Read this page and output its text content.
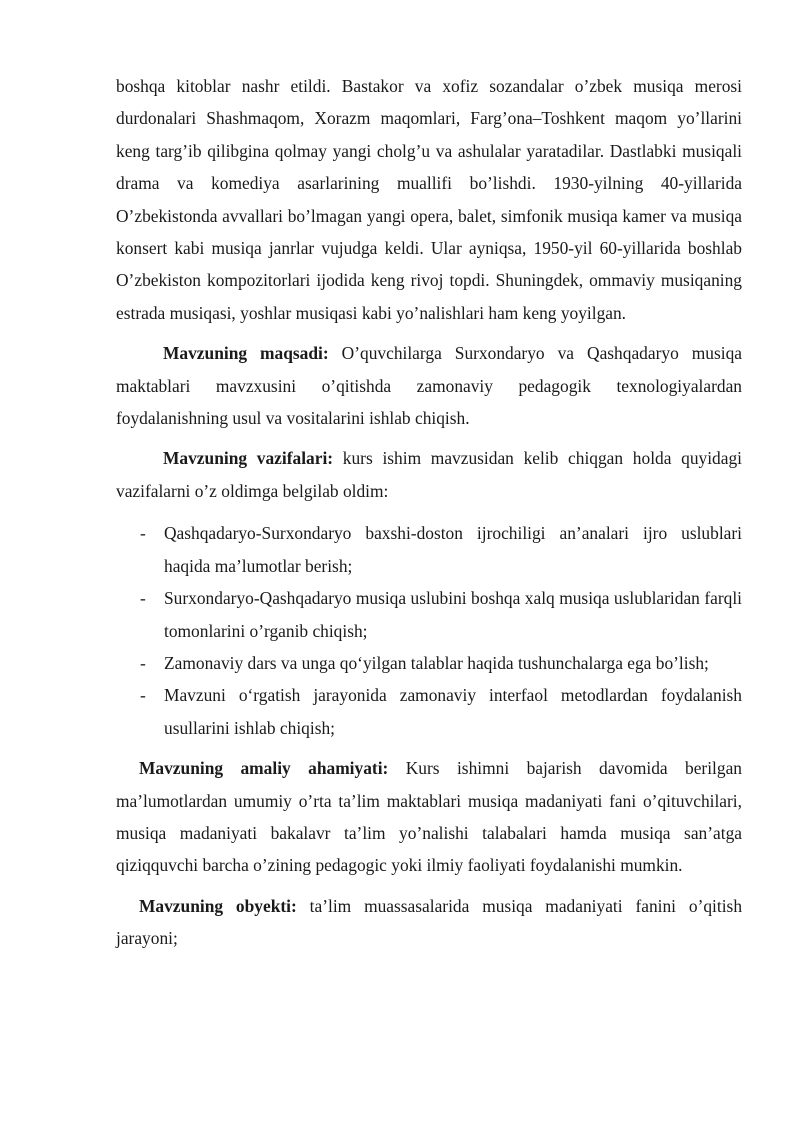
boshqa kitoblar nashr etildi. Bastakor va xofiz sozandalar o’zbek musiqa merosi durdonalari Shashmaqom, Xorazm maqomlari, Farg’ona–Toshkent maqom yo’llarini keng targ’ib qilibgina qolmay yangi cholg’u va ashulalar yaratadilar. Dastlabki musiqali drama va komediya asarlarining muallifi bo’lishdi. 1930-yilning 40-yillarida O’zbekistonda avvallari bo’lmagan yangi opera, balet, simfonik musiqa kamer va musiqa konsert kabi musiqa janrlar vujudga keldi. Ular ayniqsa, 1950-yil 60-yillarida boshlab O’zbekiston kompozitorlari ijodida keng rivoj topdi. Shuningdek, ommaviy musiqaning estrada musiqasi, yoshlar musiqasi kabi yo’nalishlari ham keng yoyilgan.

Mavzuning maqsadi: O’quvchilarga Surxondaryo va Qashqadaryo musiqa maktablari mavzxusini o’qitishda zamonaviy pedagogik texnologiyalardan foydalanishning usul va vositalarini ishlab chiqish.

Mavzuning vazifalari: kurs ishim mavzusidan kelib chiqgan holda quyidagi vazifalarni o’z oldimga belgilab oldim:

- Qashqadaryo-Surxondaryo baxshi-doston ijrochiligi an’analari ijro uslublari haqida ma’lumotlar berish;
- Surxondaryo-Qashqadaryo musiqa uslubini boshqa xalq musiqa uslublaridan farqli tomonlarini o’rganib chiqish;
- Zamonaviy dars va unga qo‘yilgan talablar haqida tushunchalarga ega bo’lish;
- Mavzuni o‘rgatish jarayonida zamonaviy interfaol metodlardan foydalanish usullarini ishlab chiqish;

Mavzuning amaliy ahamiyati: Kurs ishimni bajarish davomida berilgan ma’lumotlardan umumiy o’rta ta’lim maktablari musiqa madaniyati fani o’qituvchilari, musiqa madaniyati bakalavr ta’lim yo’nalishi talabalari hamda musiqa san’atga qiziqquvchi barcha o’zining pedagogic yoki ilmiy faoliyati foydalanishi mumkin.

Mavzuning obyekti: ta’lim muassasalarida musiqa madaniyati fanini o’qitish jarayoni;
